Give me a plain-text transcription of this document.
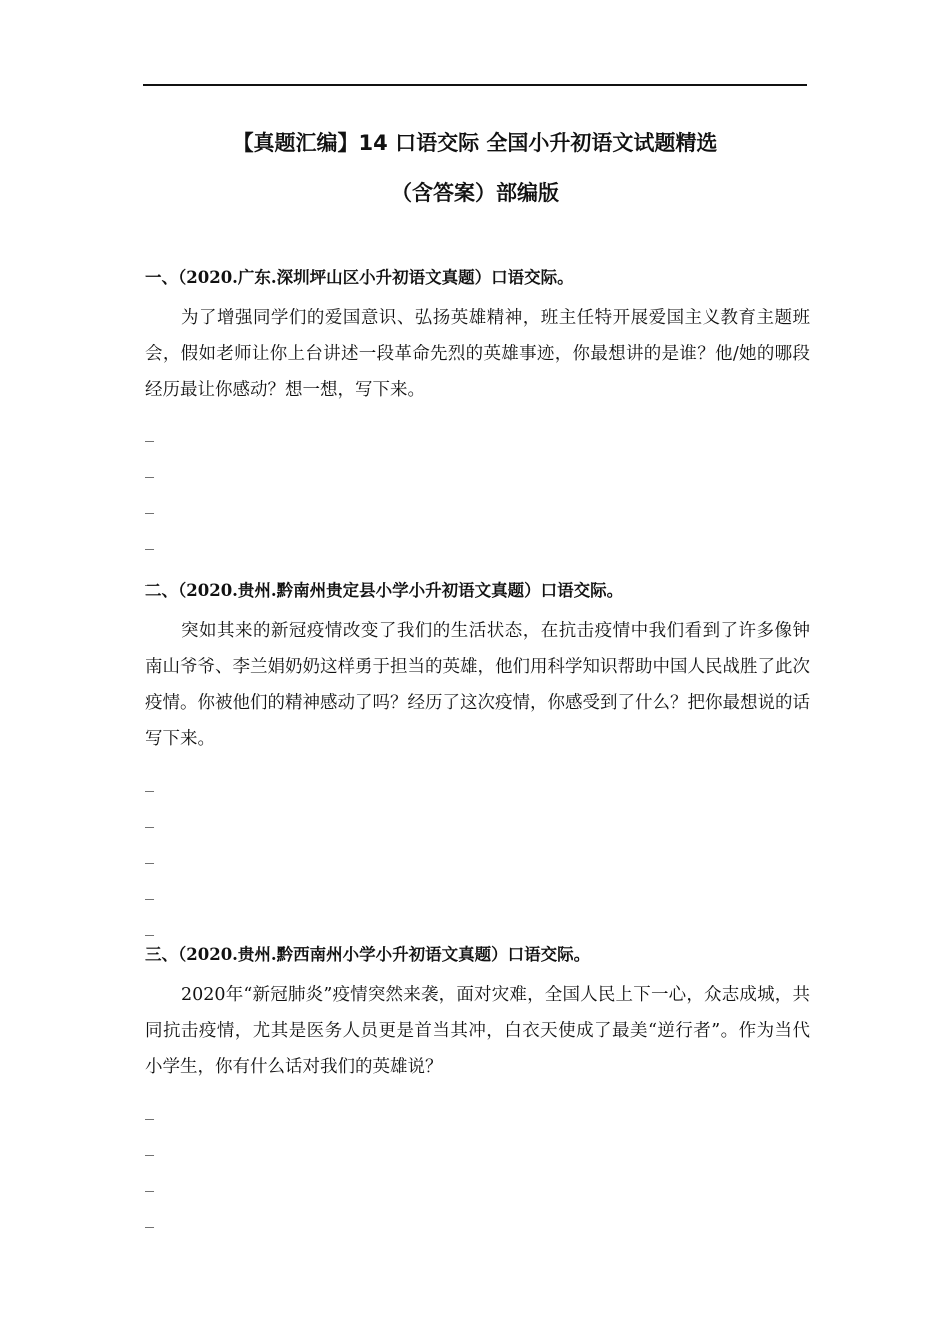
【真题汇编】14 口语交际 全国小升初语文试题精选
（含答案）部编版

一、（2020.广东.深圳坪山区小升初语文真题）口语交际。

为了增强同学们的爱国意识、弘扬英雄精神，班主任特开展爱国主义教育主题班会，假如老师让你上台讲述一段革命先烈的英雄事迹，你最想讲的是谁？他/她的哪段经历最让你感动？想一想，写下来。

_
_
_
_
_

二、（2020.贵州.黔南州贵定县小学小升初语文真题）口语交际。

突如其来的新冠疫情改变了我们的生活状态，在抗击疫情中我们看到了许多像钟南山爷爷、李兰娟奶奶这样勇于担当的英雄，他们用科学知识帮助中国人民战胜了此次疫情。你被他们的精神感动了吗？经历了这次疫情，你感受到了什么？把你最想说的话写下来。

_
_
_
_
_

三、（2020.贵州.黔西南州小学小升初语文真题）口语交际。

2020年“新冠肺炎”疫情突然来袭，面对灾难，全国人民上下一心，众志成城，共同抗击疫情，尤其是医务人员更是首当其冲，白衣天使成了最美“逆行者”。作为当代小学生，你有什么话对我们的英雄说？

_
_
_
_
